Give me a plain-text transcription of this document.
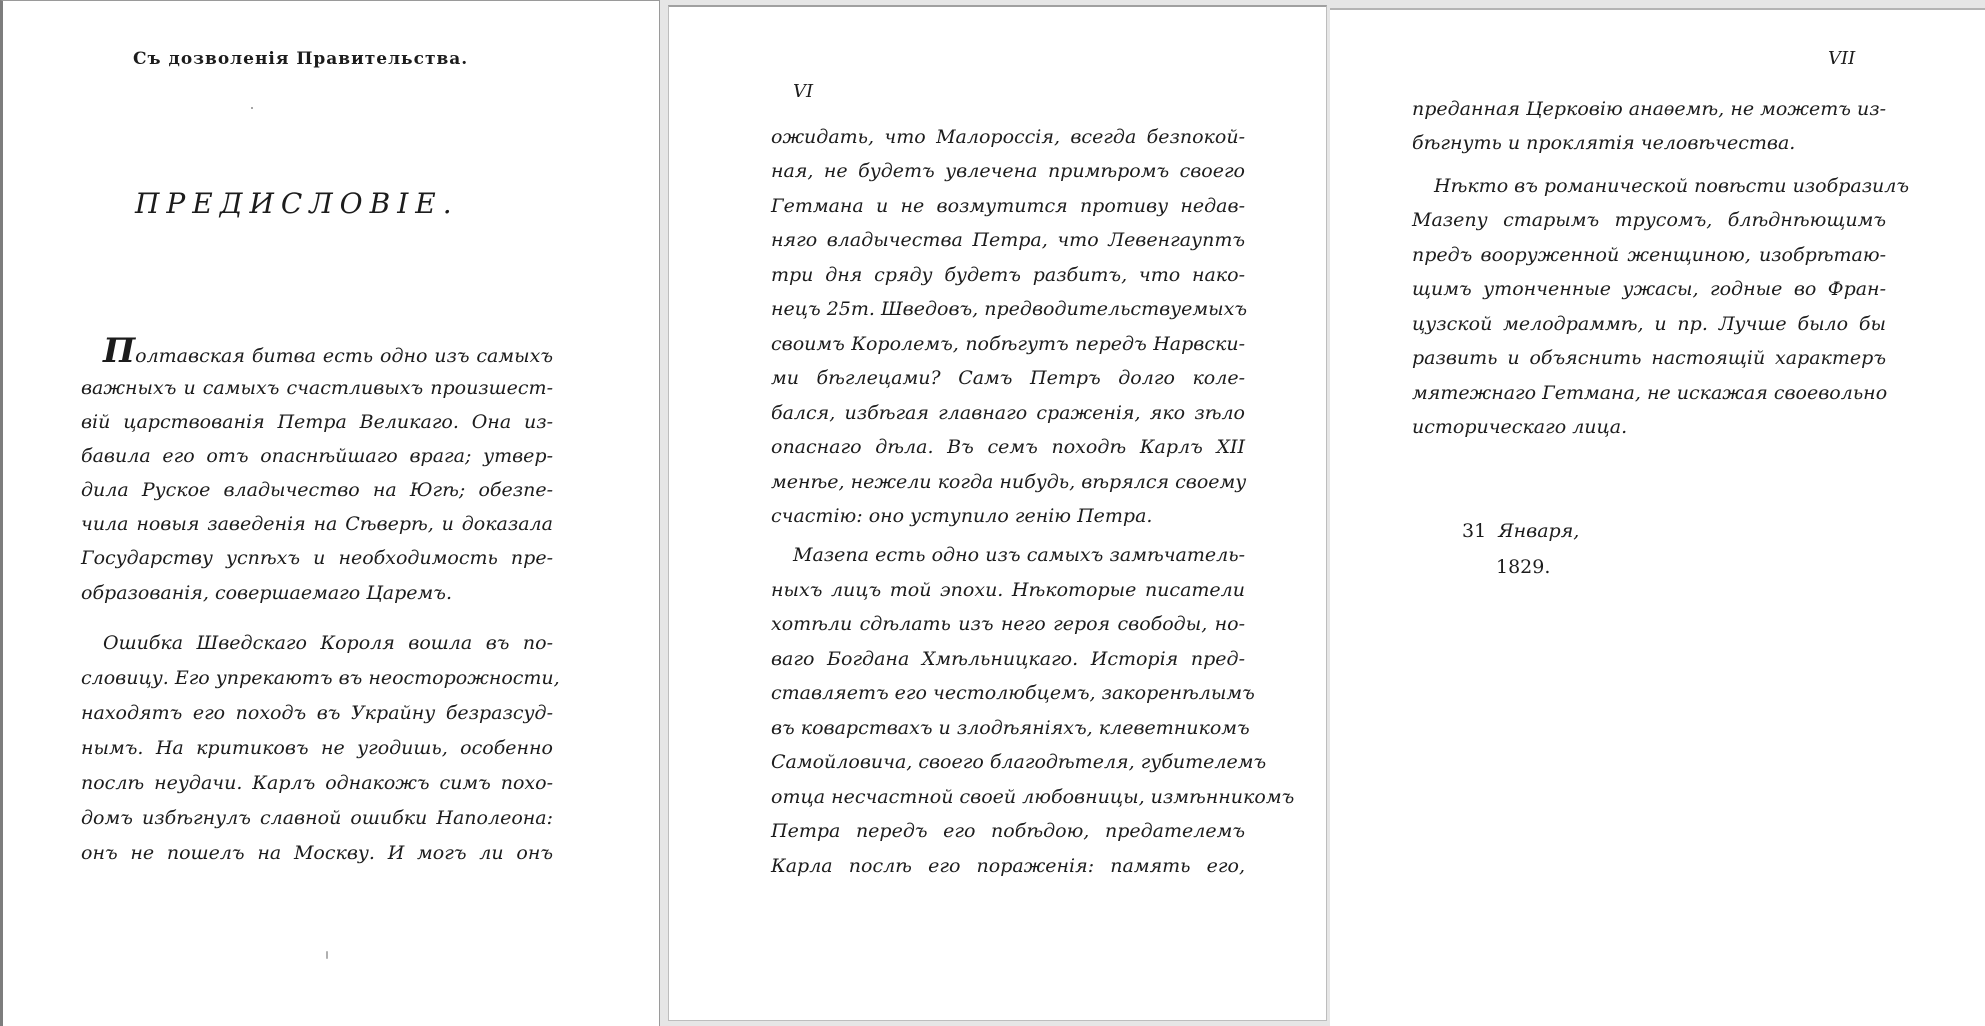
Съ дозволенія Правительства.
ПРЕДИСЛОВІЕ.

Полтавская битва есть одно изъ самыхъ

важныхъ и самыхъ счастливыхъ произшест-

вій царствованія Петра Великаго. Она из-

бавила его отъ опаснѣйшаго врага; утвер-

дила Руское владычество на Югѣ; обезпе-

чила новыя заведенія на Сѣверѣ, и доказала

Государству успѣхъ и необходимость пре-

образованія, совершаемаго Царемъ.

Ошибка Шведскаго Короля вошла въ по-

словицу. Его упрекаютъ въ неосторожности,

находятъ его походъ въ Украйну безразсуд-

нымъ. На критиковъ не угодишь, особенно

послѣ неудачи. Карлъ однакожъ симъ похо-

домъ избѣгнулъ славной ошибки Наполеона:

онъ не пошелъ на Москву. И могъ ли онъ

VI

ожидать, что Малороссія, всегда безпокой-

ная, не будетъ увлечена примѣромъ своего

Гетмана и не возмутится противу недав-

няго владычества Петра, что Левенгауптъ

три дня сряду будетъ разбитъ, что нако-

нецъ 25т. Шведовъ, предводительствуемыхъ

своимъ Королемъ, побѣгутъ передъ Нарвски-

ми бѣглецами? Самъ Петръ долго коле-

бался, избѣгая главнаго сраженія, яко зѣло

опаснаго дѣла. Въ семъ походѣ Карлъ XII

менѣе, нежели когда нибудь, вѣрялся своему

счастію: оно уступило генію Петра.

Мазепа есть одно изъ самыхъ замѣчатель-

ныхъ лицъ той эпохи. Нѣкоторые писатели

хотѣли сдѣлать изъ него героя свободы, но-

ваго Богдана Хмѣльницкаго. Исторія пред-

ставляетъ его честолюбцемъ, закоренѣлымъ

въ коварствахъ и злодѣяніяхъ, клеветникомъ

Самойловича, своего благодѣтеля, губителемъ

отца несчастной своей любовницы, измѣнникомъ

Петра передъ его побѣдою, предателемъ

Карла послѣ его пораженія: память его,

VII

преданная Церковію анаѳемѣ, не можетъ из-

бѣгнуть и проклятія человѣчества.

Нѣкто въ романической повѣсти изобразилъ

Мазепу старымъ трусомъ, блѣднѣющимъ

предъ вооруженной женщиною, изобрѣтаю-

щимъ утонченные ужасы, годные во Фран-

цузской мелодраммѣ, и пр. Лучше было бы

развить и объяснить настоящій характеръ

мятежнаго Гетмана, не искажая своевольно

историческаго лица.

31 Января,
1829.
